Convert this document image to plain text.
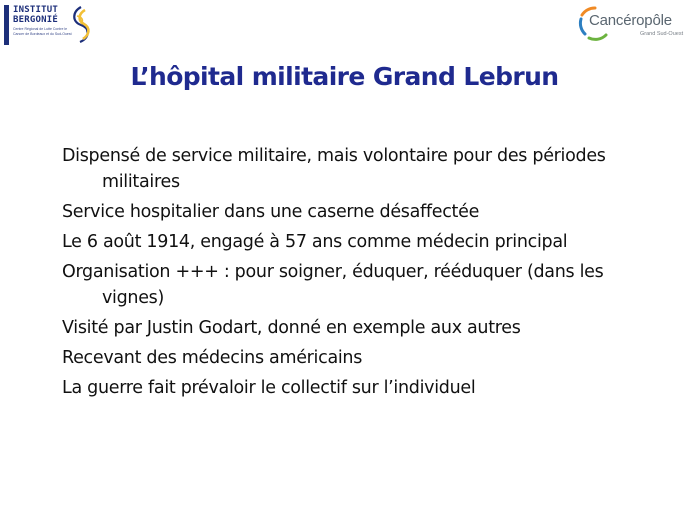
INSTITUT
BERGONIÉ
Centre Régional de Lutte Contre le Cancer de Bordeaux et du Sud-Ouest
Cancéropôle
Grand Sud-Ouest
L’hôpital militaire Grand Lebrun
Dispensé de service militaire, mais volontaire pour des périodes militaires
Service hospitalier dans une caserne désaffectée
Le 6 août 1914, engagé à 57 ans comme médecin principal
Organisation +++ : pour soigner, éduquer, rééduquer (dans les vignes)
Visité par Justin Godart, donné en exemple aux autres
Recevant des médecins américains
La guerre fait prévaloir le collectif sur l’individuel
